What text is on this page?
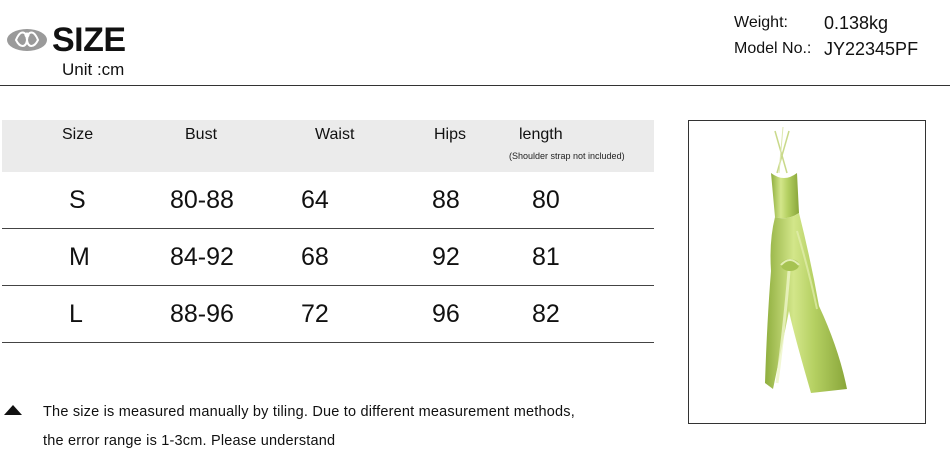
SIZE
Unit :cm
Weight:	0.138kg
Model No.: JY22345PF
Size	Bust	Waist	Hips	length
(Shoulder strap not included)
S	80-88	64	88	80
M	84-92	68	92	81
L	88-96	72	96	82
The size is measured manually by tiling. Due to different measurement methods,
the error range is 1-3cm. Please understand
